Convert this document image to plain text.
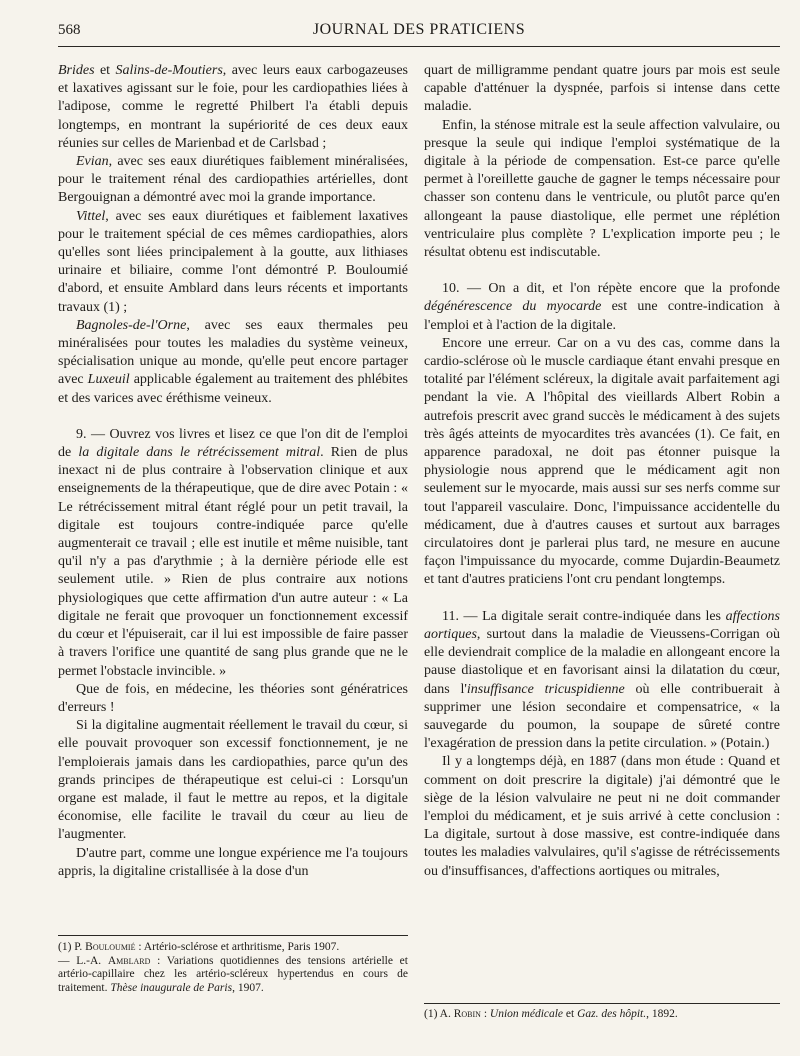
568	JOURNAL DES PRATICIENS

Brides et Salins-de-Moutiers, avec leurs eaux carbogazeuses et laxatives agissant sur le foie, pour les cardiopathies liées à l'adipose, comme le regretté Philbert l'a établi depuis longtemps, en montrant la supériorité de ces deux eaux réunies sur celles de Marienbad et de Carlsbad ;

Evian, avec ses eaux diurétiques faiblement minéralisées, pour le traitement rénal des cardiopathies artérielles, dont Bergouignan a démontré avec moi la grande importance.

Vittel, avec ses eaux diurétiques et faiblement laxatives pour le traitement spécial de ces mêmes cardiopathies, alors qu'elles sont liées principalement à la goutte, aux lithiases urinaire et biliaire, comme l'ont démontré P. Bouloumié d'abord, et ensuite Amblard dans leurs récents et importants travaux (1) ;

Bagnoles-de-l'Orne, avec ses eaux thermales peu minéralisées pour toutes les maladies du système veineux, spécialisation unique au monde, qu'elle peut encore partager avec Luxeuil applicable également au traitement des phlébites et des varices avec éréthisme veineux.

9. — Ouvrez vos livres et lisez ce que l'on dit de l'emploi de la digitale dans le rétrécissement mitral. Rien de plus inexact ni de plus contraire à l'observation clinique et aux enseignements de la thérapeutique, que de dire avec Potain : « Le rétrécissement mitral étant réglé pour un petit travail, la digitale est toujours contre-indiquée parce qu'elle augmenterait ce travail ; elle est inutile et même nuisible, tant qu'il n'y a pas d'arythmie ; à la dernière période elle est seulement utile. » Rien de plus contraire aux notions physiologiques que cette affirmation d'un autre auteur : « La digitale ne ferait que provoquer un fonctionnement excessif du cœur et l'épuiserait, car il lui est impossible de faire passer à travers l'orifice une quantité de sang plus grande que ne le permet l'obstacle invincible. »

Que de fois, en médecine, les théories sont génératrices d'erreurs !

Si la digitaline augmentait réellement le travail du cœur, si elle pouvait provoquer son excessif fonctionnement, je ne l'emploierais jamais dans les cardiopathies, parce qu'un des grands principes de thérapeutique est celui-ci : Lorsqu'un organe est malade, il faut le mettre au repos, et la digitale économise, elle facilite le travail du cœur au lieu de l'augmenter.

D'autre part, comme une longue expérience me l'a toujours appris, la digitaline cristallisée à la dose d'un

quart de milligramme pendant quatre jours par mois est seule capable d'atténuer la dyspnée, parfois si intense dans cette maladie.

Enfin, la sténose mitrale est la seule affection valvulaire, ou presque la seule qui indique l'emploi systématique de la digitale à la période de compensation. Est-ce parce qu'elle permet à l'oreillette gauche de gagner le temps nécessaire pour chasser son contenu dans le ventricule, ou plutôt parce qu'en allongeant la pause diastolique, elle permet une réplétion ventriculaire plus complète ? L'explication importe peu ; le résultat obtenu est indiscutable.

10. — On a dit, et l'on répète encore que la profonde dégénérescence du myocarde est une contre-indication à l'emploi et à l'action de la digitale.

Encore une erreur. Car on a vu des cas, comme dans la cardio-sclérose où le muscle cardiaque étant envahi presque en totalité par l'élément scléreux, la digitale avait parfaitement agi pendant la vie. A l'hôpital des vieillards Albert Robin a autrefois prescrit avec grand succès le médicament à des sujets très âgés atteints de myocardites très avancées (1). Ce fait, en apparence paradoxal, ne doit pas étonner puisque la physiologie nous apprend que le médicament agit non seulement sur le myocarde, mais aussi sur ses nerfs comme sur tout l'appareil vasculaire. Donc, l'impuissance accidentelle du médicament, due à d'autres causes et surtout aux barrages circulatoires dont je parlerai plus tard, ne mesure en aucune façon l'impuissance du myocarde, comme Dujardin-Beaumetz et tant d'autres praticiens l'ont cru pendant longtemps.

11. — La digitale serait contre-indiquée dans les affections aortiques, surtout dans la maladie de Vieussens-Corrigan où elle deviendrait complice de la maladie en allongeant encore la pause diastolique et en favorisant ainsi la dilatation du cœur, dans l'insuffisance tricuspidienne où elle contribuerait à supprimer une lésion secondaire et compensatrice, « la sauvegarde du poumon, la soupape de sûreté contre l'exagération de pression dans la petite circulation. » (Potain.)

Il y a longtemps déjà, en 1887 (dans mon étude : Quand et comment on doit prescrire la digitale) j'ai démontré que le siège de la lésion valvulaire ne peut ni ne doit commander l'emploi du médicament, et je suis arrivé à cette conclusion : La digitale, surtout à dose massive, est contre-indiquée dans toutes les maladies valvulaires, qu'il s'agisse de rétrécissements ou d'insuffisances, d'affections aortiques ou mitrales,

(1) P. Bouloumié : Artério-sclérose et arthritisme, Paris 1907.

— L.-A. Amblard : Variations quotidiennes des tensions artérielle et artério-capillaire chez les artério-scléreux hypertendus en cours de traitement. Thèse inaugurale de Paris, 1907.

(1) A. Robin : Union médicale et Gaz. des hôpit., 1892.
